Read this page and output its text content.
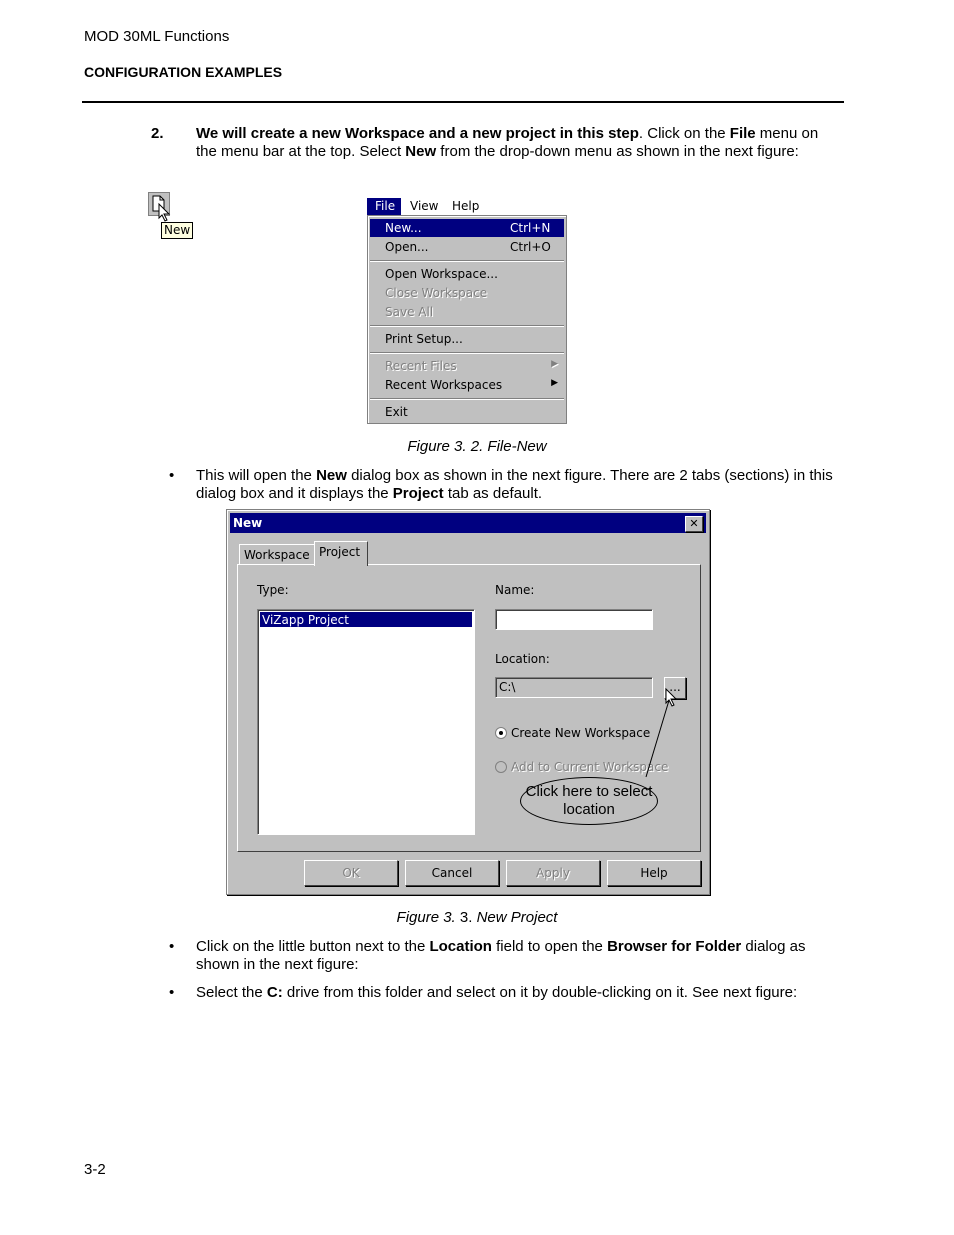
MOD 30ML Functions
CONFIGURATION EXAMPLES
2. We will create a new Workspace and a new project in this step. Click on the File menu on the menu bar at the top. Select New from the drop-down menu as shown in the next figure:
New
File View Help
New...	Ctrl+N
Open...	Ctrl+O
Open Workspace...
Close Workspace
Save All
Print Setup...
Recent Files	▶
Recent Workspaces	▶
Exit
Figure 3. 2. File-New
• This will open the New dialog box as shown in the next figure. There are 2 tabs (sections) in this dialog box and it displays the Project tab as default.
New	✕
Workspace Project
Type:
ViZapp Project
Name:
Location:
C:\	...
Create New Workspace
Add to Current Workspace
Click here to select location
OK	Cancel	Apply	Help
Figure 3. 3. New Project
• Click on the little button next to the Location field to open the Browser for Folder dialog as shown in the next figure:
• Select the C: drive from this folder and select on it by double-clicking on it. See next figure:
3-2
